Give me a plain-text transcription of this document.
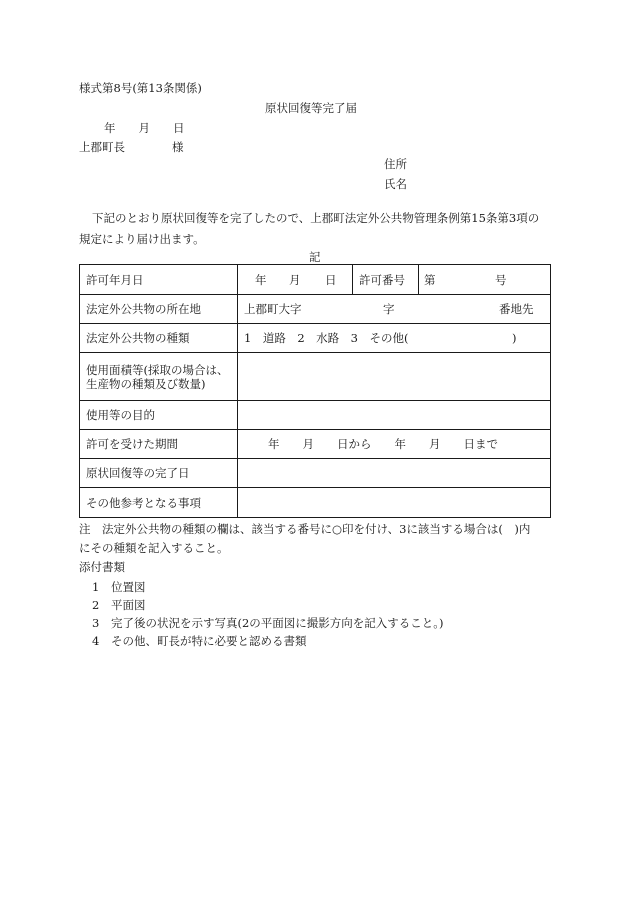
様式第8号(第13条関係)
原状回復等完了届
年　　月　　日
上郡町長	様
住所
氏名
下記のとおり原状回復等を完了したので、上郡町法定外公共物管理条例第15条第3項の
規定により届け出ます。
記
許可年月日	年 月 日	許可番号	第 号

法定外公共物の所在地	上郡町大字 字 番地先		

法定外公共物の種類	1　道路　2　水路　3　その他( )		

使用面積等(採取の場合は、
生産物の種類及び数量)			

使用等の目的			
許可を受けた期間	年　　月　　日から　　年　　月　　日まで		
原状回復等の完了日			
その他参考となる事項			
注　法定外公共物の種類の欄は、該当する番号に○印を付け、3に該当する場合は(　)内
にその種類を記入すること。
添付書類
1 位置図
2 平面図
3 完了後の状況を示す写真(2の平面図に撮影方向を記入すること。)
4 その他、町長が特に必要と認める書類
